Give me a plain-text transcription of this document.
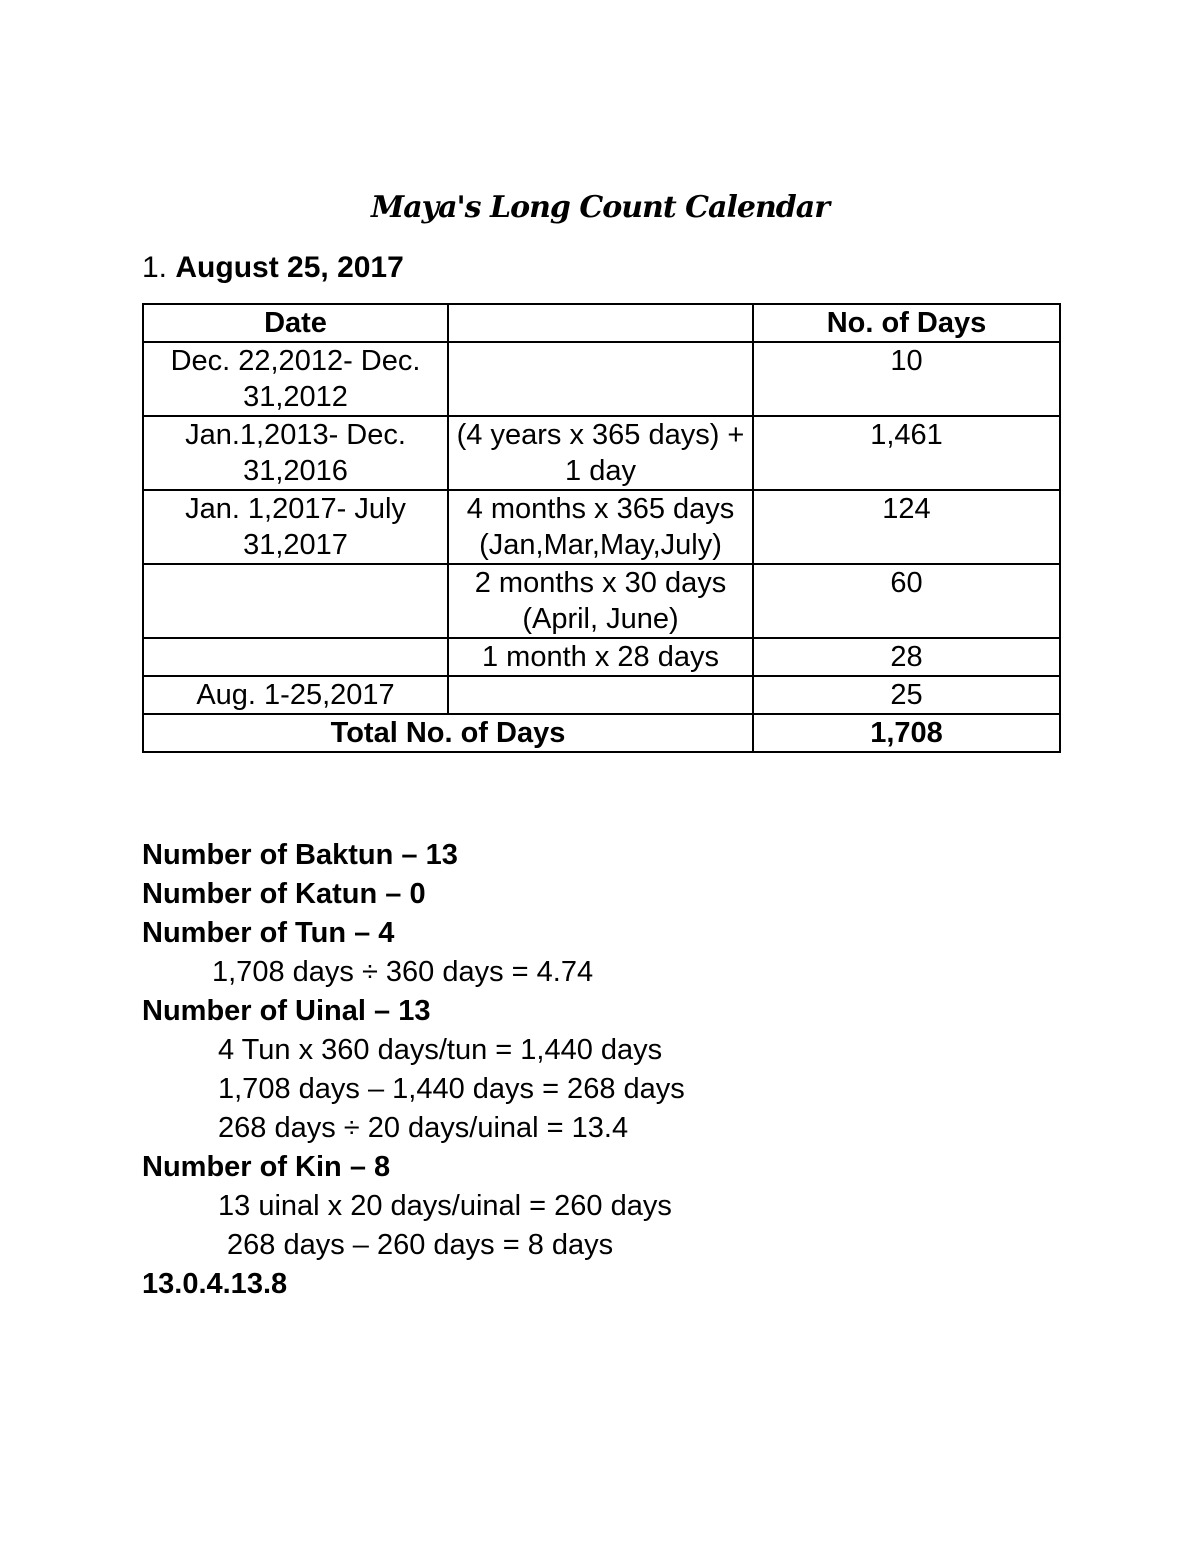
Maya's Long Count Calendar
1. August 25, 2017
Date		No. of Days
Dec. 22,2012- Dec. 31,2012		10
Jan.1,2013- Dec. 31,2016	(4 years x 365 days) + 1 day	1,461
Jan. 1,2017- July 31,2017	4 months x 365 days (Jan,Mar,May,July)	124
	2 months x 30 days (April, June)	60
	1 month x 28 days	28
Aug. 1-25,2017		25
Total No. of Days		1,708
Number of Baktun – 13
Number of Katun – 0
Number of Tun – 4
1,708 days ÷ 360 days = 4.74
Number of Uinal – 13
4 Tun x 360 days/tun = 1,440 days
1,708 days – 1,440 days = 268 days
268 days ÷ 20 days/uinal = 13.4
Number of Kin – 8
13 uinal x 20 days/uinal = 260 days
268 days – 260 days = 8 days
13.0.4.13.8
